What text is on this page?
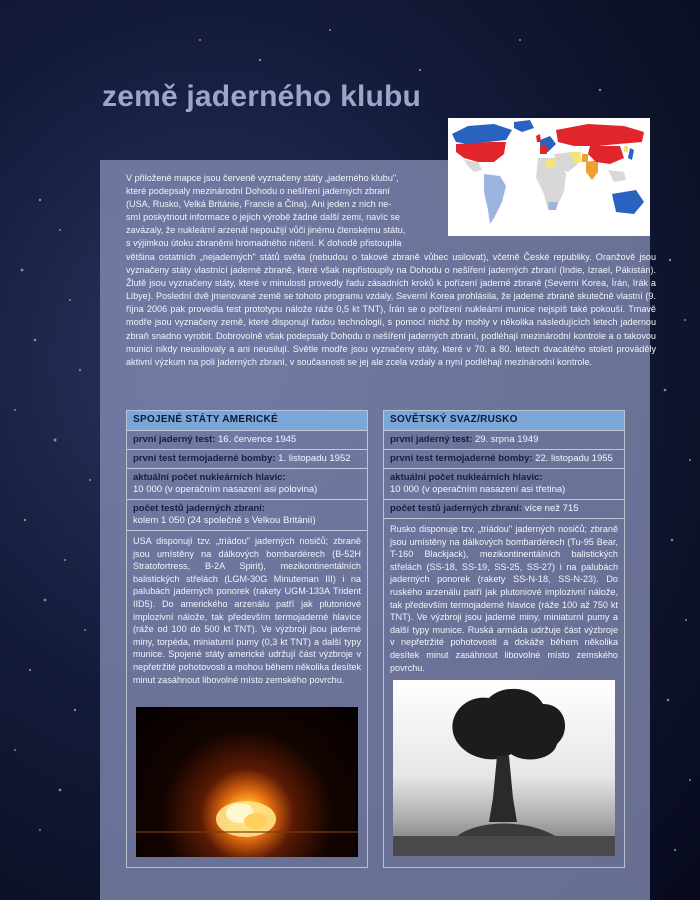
země jaderného klubu
V přiložené mapce jsou červeně vyznačeny státy „jaderného klubu",
které podepsaly mezinárodní Dohodu o nešíření jaderných zbraní
(USA, Rusko, Velká Británie, Francie a Čína). Ani jeden z nich ne-
smí poskytnout informace o jejich výrobě žádné další zemi, navíc se
zavázaly, že nukleární arzenál nepoužijí vůči jinému členskému státu,
s výjimkou útoku zbraněmi hromadného ničení. K dohodě přistoupila

většina ostatních „nejaderných" států světa (nebudou o takové zbraně vůbec usilovat), včetně České republiky. Oranžově jsou vyznačeny státy vlastnící jaderné zbraně, které však nepřistoupily na Dohodu o nešíření jaderných zbraní (Indie, Izrael, Pákistán). Žlutě jsou vyznačeny státy, které v minulosti provedly řadu zásadních kroků k pořízení jaderné zbraně (Severní Korea, Írán, Irák a Libye). Poslední dvě jmenované země se tohoto programu vzdaly, Severní Korea prohlásila, že jaderné zbraně skutečně vlastní (9. října 2006 pak provedla test prototypu nálože ráže 0,5 kt TNT), Írán se o pořízení nukleární munice nejspíš také pokouší. Tmavě modře jsou vyznačeny země, které disponují řadou technologií, s pomocí nichž by mohly v několika následujících letech jadernou zbraň snadno vyrobit. Dobrovolně však podepsaly Dohodu o nešíření jaderných zbraní, podléhají mezinárodní kontrole a o takovou munici nikdy neusilovaly a ani neusilují. Světle modře jsou vyznačeny státy, které v 70. a 80. letech dvacátého století prováděly aktivní výzkum na poli jaderných zbraní, v současnosti se jej ale zcela vzdaly a nyní podléhají mezinárodní kontrole.

SPOJENÉ STÁTY AMERICKÉ
první jaderný test: 16. července 1945
první test termojaderné bomby: 1. listopadu 1952
aktuální počet nukleárních hlavic:
10 000 (v operačním nasazení asi polovina)
počet testů jaderných zbraní:
kolem 1 050 (24 společně s Velkou Británií)
USA disponují tzv. „triádou" jaderných nosičů; zbraně jsou umístěny na dálkových bombardérech (B-52H Stratofortress, B-2A Spirit), mezikontinentálních balistických střelách (LGM-30G Minuteman III) i na palubách jaderných ponorek (rakety UGM-133A Trident IID5). Do amerického arzenálu patří jak plutoniové implozivní nálože, tak především termojaderné hlavice (ráže od 100 do 500 kt TNT). Ve výzbroji jsou jaderné miny, torpéda, miniaturní pumy (0,3 kt TNT) a další typy munice. Spojené státy americké udržují část výzbroje v nepřetržité pohotovosti a mohou během několika desítek minut zasáhnout libovolné místo zemského povrchu.
SOVĚTSKÝ SVAZ/RUSKO
první jaderný test: 29. srpna 1949
první test termojaderné bomby: 22. listopadu 1955
aktuální počet nukleárních hlavic:
10 000 (v operačním nasazení asi třetina)
počet testů jaderných zbraní: více než 715
Rusko disponuje tzv. „triádou" jaderných nosičů; zbraně jsou umístěny na dálkových bombardérech (Tu-95 Bear, T-160 Blackjack), mezikontinentálních balistických střelách (SS-18, SS-19, SS-25, SS-27) i na palubách jaderných ponorek (rakety SS-N-18, SS-N-23). Do ruského arzenálu patří jak plutoniové implozivní nálože, tak především termojaderné hlavice (ráže 100 až 750 kt TNT). Ve výzbroji jsou jaderné miny, miniaturní pumy a další typy munice. Ruská armáda udržuje část výzbroje v nepřetržité pohotovosti a dokáže během několika desítek minut zasáhnout libovolné místo zemského povrchu.
